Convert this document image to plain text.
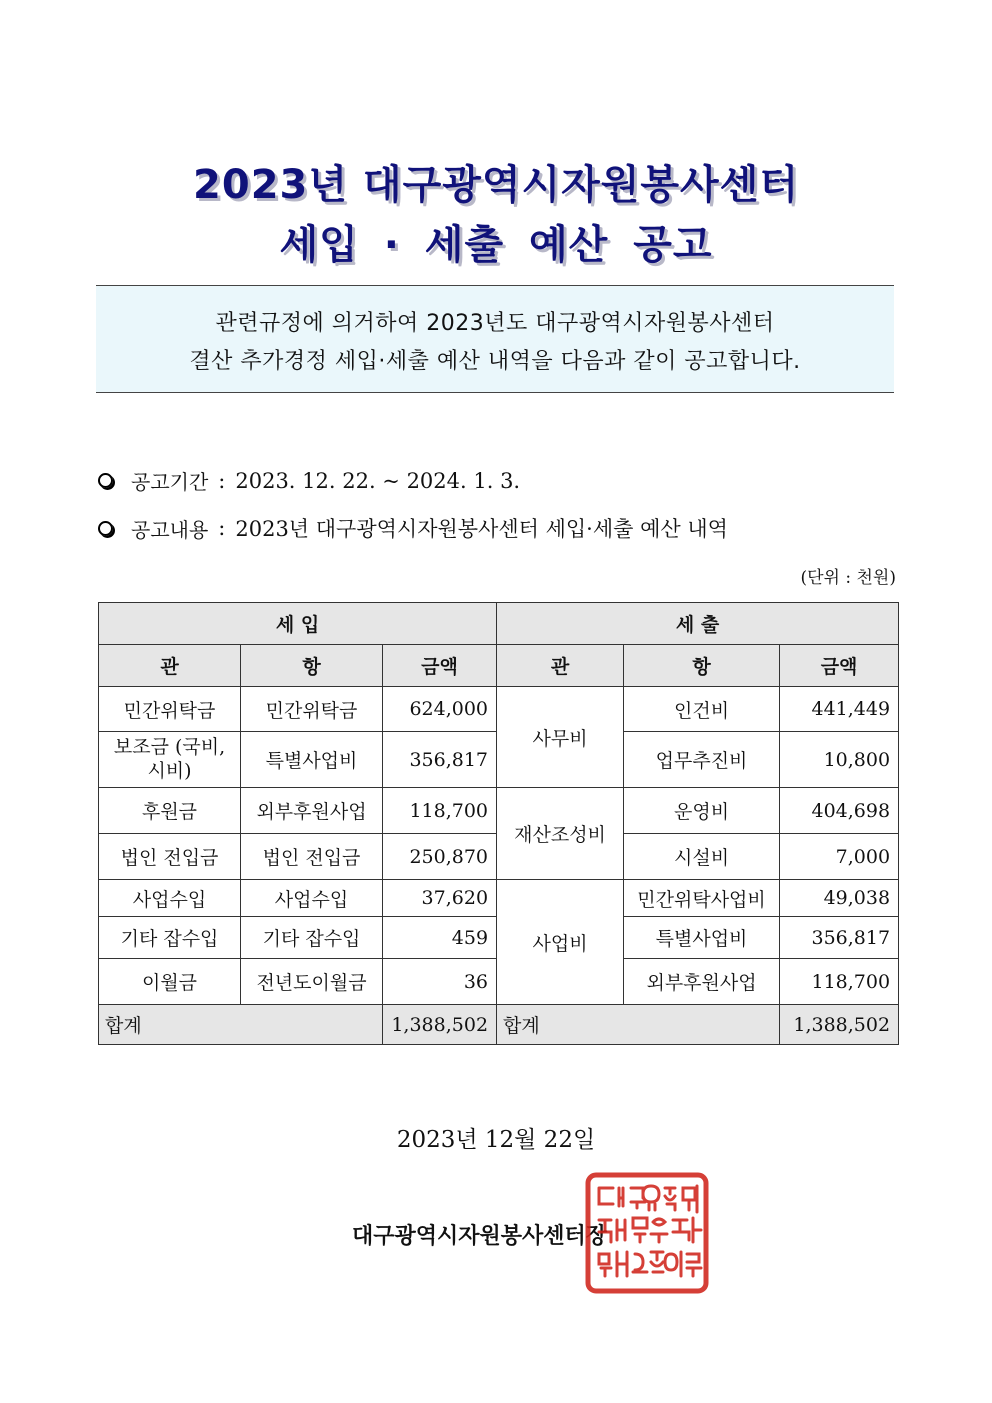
2023년 대구광역시자원봉사센터
세입 · 세출 예산 공고
관련규정에 의거하여 2023년도 대구광역시자원봉사센터
결산 추가경정 세입·세출 예산 내역을 다음과 같이 공고합니다.
공고기간 : 2023. 12. 22. ~ 2024. 1. 3.
공고내용 : 2023년 대구광역시자원봉사센터 세입·세출 예산 내역
(단위 : 천원)
세 입			세 출		
관	항	금액	관	항	금액
민간위탁금	민간위탁금	624,000	사무비	인건비	441,449
보조금 (국비, 시비)	특별사업비	356,817		업무추진비	10,800
후원금	외부후원사업	118,700	재산조성비	운영비	404,698
법인 전입금	법인 전입금	250,870		시설비	7,000
사업수입	사업수입	37,620	사업비	민간위탁사업비	49,038
기타 잡수입	기타 잡수입	459		특별사업비	356,817
이월금	전년도이월금	36		외부후원사업	118,700
합계		1,388,502	합계		1,388,502
2023년 12월 22일
대구광역시자원봉사센터장
